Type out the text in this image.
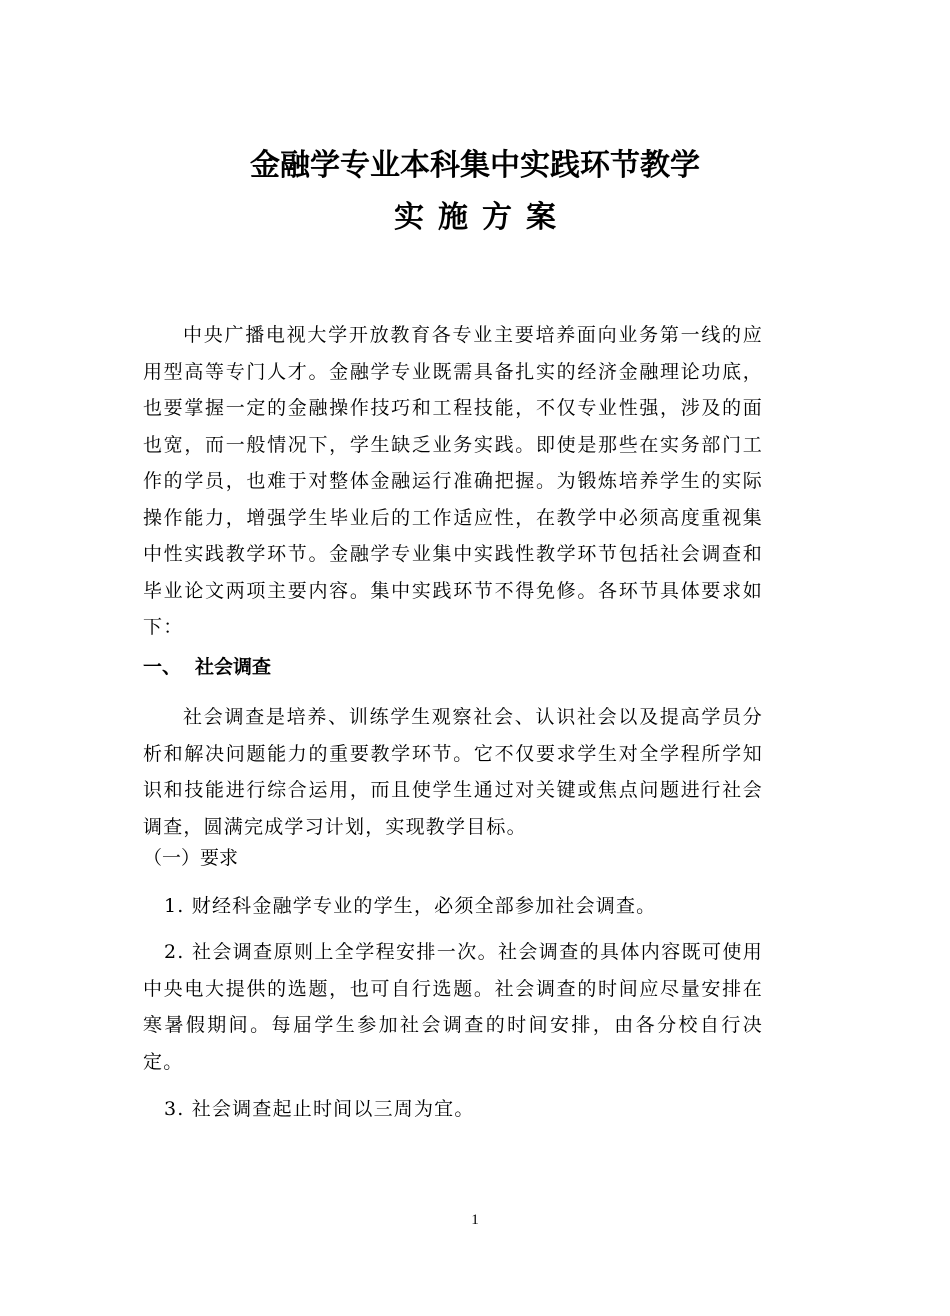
金融学专业本科集中实践环节教学
实施方案

中央广播电视大学开放教育各专业主要培养面向业务第一线的应用型高等专门人才。金融学专业既需具备扎实的经济金融理论功底，也要掌握一定的金融操作技巧和工程技能，不仅专业性强，涉及的面也宽，而一般情况下，学生缺乏业务实践。即使是那些在实务部门工作的学员，也难于对整体金融运行准确把握。为锻炼培养学生的实际操作能力，增强学生毕业后的工作适应性，在教学中必须高度重视集中性实践教学环节。金融学专业集中实践性教学环节包括社会调查和毕业论文两项主要内容。集中实践环节不得免修。各环节具体要求如下：

一、 社会调查

社会调查是培养、训练学生观察社会、认识社会以及提高学员分析和解决问题能力的重要教学环节。它不仅要求学生对全学程所学知识和技能进行综合运用，而且使学生通过对关键或焦点问题进行社会调查，圆满完成学习计划，实现教学目标。

（一）要求

1. 财经科金融学专业的学生，必须全部参加社会调查。

2. 社会调查原则上全学程安排一次。社会调查的具体内容既可使用中央电大提供的选题，也可自行选题。社会调查的时间应尽量安排在寒暑假期间。每届学生参加社会调查的时间安排，由各分校自行决定。

3. 社会调查起止时间以三周为宜。

1
